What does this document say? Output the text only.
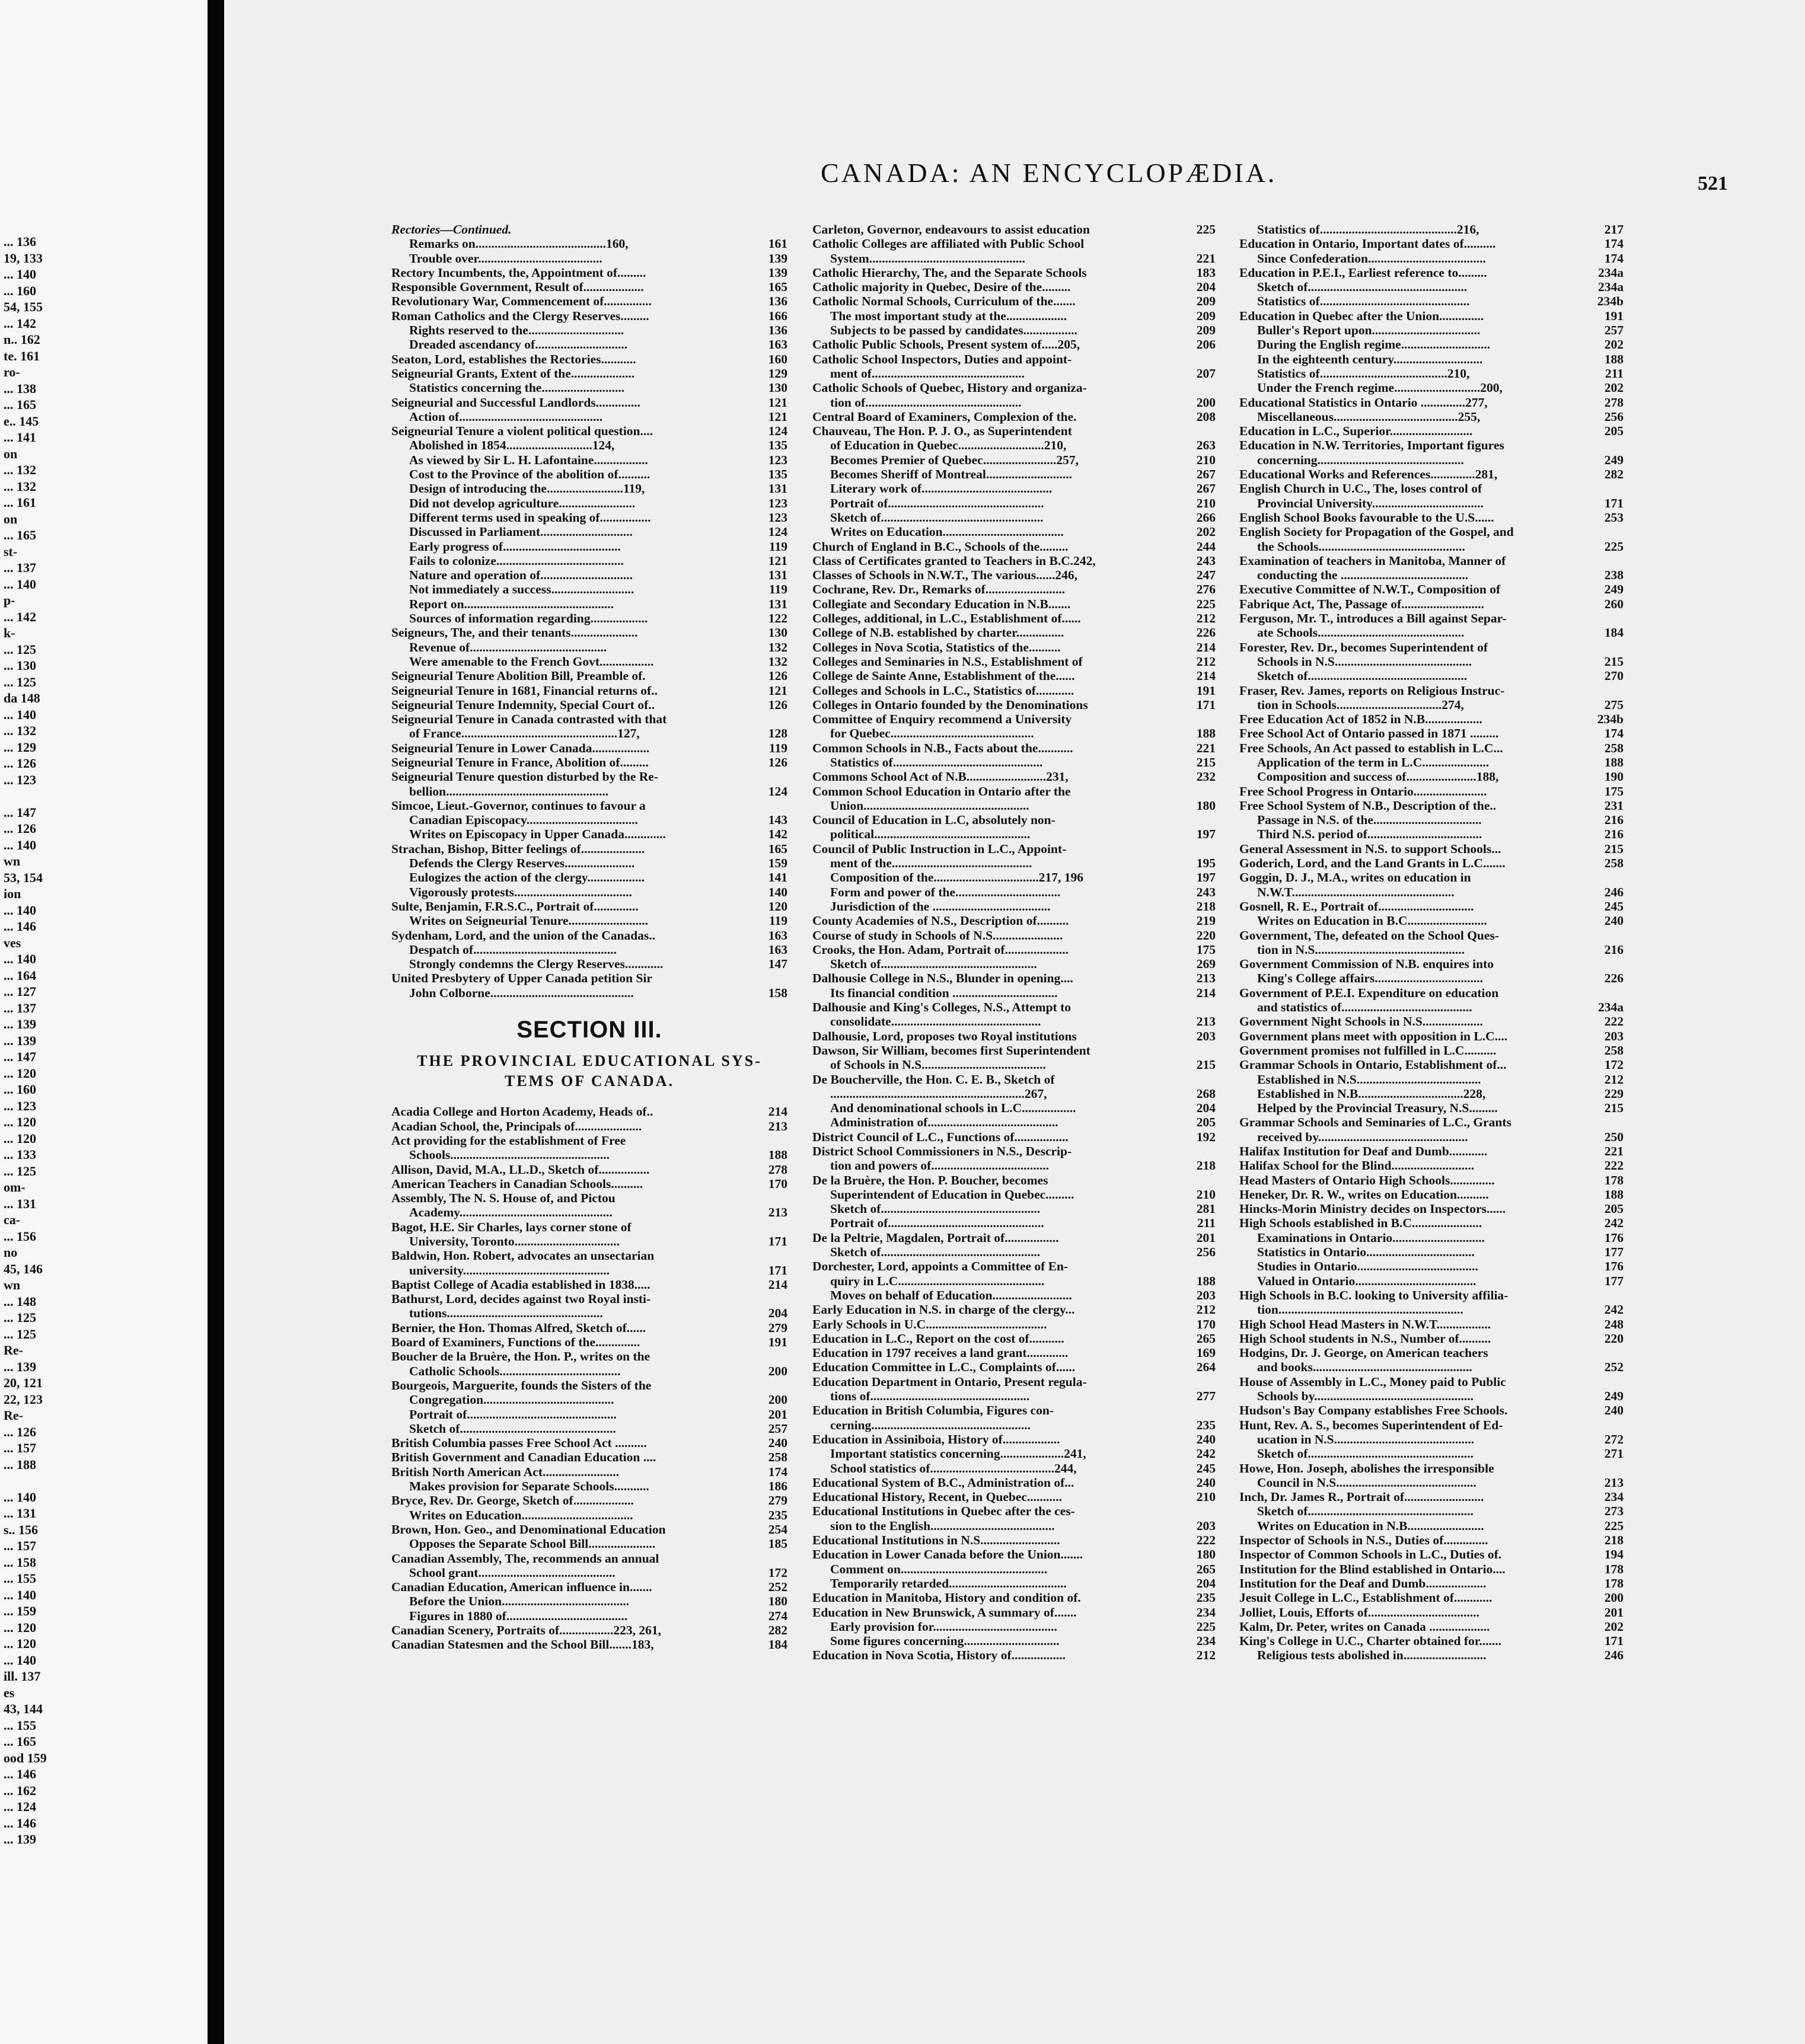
... 136
19, 133
... 140
... 160
54, 155
... 142
n.. 162
te. 161
ro-
... 138
... 165
e.. 145
... 141
on
... 132
... 132
... 161
on
... 165
st-
... 137
... 140
p-
... 142
k-
... 125
... 130
... 125
da 148
... 140
... 132
... 129
... 126
... 123

... 147
... 126
... 140
wn
53, 154
ion
... 140
... 146
ves
... 140
... 164
... 127
... 137
... 139
... 139
... 147
... 120
... 160
... 123
... 120
... 120
... 133
... 125
om-
... 131
ca-
... 156
no
45, 146
wn
... 148
... 125
... 125
Re-
... 139
20, 121
22, 123
Re-
... 126
... 157
... 188

... 140
... 131
s.. 156
... 157
... 158
... 155
... 140
... 159
... 120
... 120
... 140
ill. 137
es
43, 144
... 155
... 165
ood 159
... 146
... 162
... 124
... 146
... 139
CANADA: AN ENCYCLOPÆDIA.	521
Rectories—Continued.
Remarks on.........................................160,	161
Trouble over.......................................	139
Rectory Incumbents, the, Appointment of.........	139
Responsible Government, Result of...................	165
Revolutionary War, Commencement of...............	136
Roman Catholics and the Clergy Reserves.........	166
Rights reserved to the..............................	136
Dreaded ascendancy of.............................	163
Seaton, Lord, establishes the Rectories...........	160
Seigneurial Grants, Extent of the....................	129
Statistics concerning the..........................	130
Seigneurial and Successful Landlords..............	121
Action of.............................................	121
Seigneurial Tenure a violent political question....	124
Abolished in 1854...........................124,	135
As viewed by Sir L. H. Lafontaine.................	123
Cost to the Province of the abolition of..........	135
Design of introducing the........................119,	131
Did not develop agriculture........................	123
Different terms used in speaking of................	123
Discussed in Parliament.............................	124
Early progress of.....................................	119
Fails to colonize........................................	121
Nature and operation of.............................	131
Not immediately a success..........................	119
Report on...............................................	131
Sources of information regarding..................	122
Seigneurs, The, and their tenants.....................	130
Revenue of...........................................	132
Were amenable to the French Govt.................	132
Seigneurial Tenure Abolition Bill, Preamble of.	126
Seigneurial Tenure in 1681, Financial returns of..	121
Seigneurial Tenure Indemnity, Special Court of..	126
Seigneurial Tenure in Canada contrasted with that
of France.................................................127,	128
Seigneurial Tenure in Lower Canada..................	119
Seigneurial Tenure in France, Abolition of.........	126
Seigneurial Tenure question disturbed by the Re-
bellion...................................................	124
Simcoe, Lieut.-Governor, continues to favour a
Canadian Episcopacy...................................	143
Writes on Episcopacy in Upper Canada.............	142
Strachan, Bishop, Bitter feelings of....................	165
Defends the Clergy Reserves......................	159
Eulogizes the action of the clergy..................	141
Vigorously protests.....................................	140
Sulte, Benjamin, F.R.S.C., Portrait of..............	120
Writes on Seigneurial Tenure.........................	119
Sydenham, Lord, and the union of the Canadas..	163
Despatch of.............................................	163
Strongly condemns the Clergy Reserves............	147
United Presbytery of Upper Canada petition Sir
John Colborne.............................................	158
SECTION III.
THE PROVINCIAL EDUCATIONAL SYS-
TEMS OF CANADA.
Acadia College and Horton Academy, Heads of..	214
Acadian School, the, Principals of.....................	213
Act providing for the establishment of Free
Schools..................................................	188
Allison, David, M.A., LL.D., Sketch of................	278
American Teachers in Canadian Schools..........	170
Assembly, The N. S. House of, and Pictou
Academy................................................	213
Bagot, H.E. Sir Charles, lays corner stone of
University, Toronto.................................	171
Baldwin, Hon. Robert, advocates an unsectarian
university..............................................	171
Baptist College of Acadia established in 1838.....	214
Bathurst, Lord, decides against two Royal insti-
tutions.................................................	204
Bernier, the Hon. Thomas Alfred, Sketch of......	279
Board of Examiners, Functions of the..............	191
Boucher de la Bruère, the Hon. P., writes on the
Catholic Schools......................................	200
Bourgeois, Marguerite, founds the Sisters of the
Congregation.........................................	200
Portrait of...............................................	201
Sketch of.................................................	257
British Columbia passes Free School Act ..........	240
British Government and Canadian Education ....	258
British North American Act........................	174
Makes provision for Separate Schools...........	186
Bryce, Rev. Dr. George, Sketch of...................	279
Writes on Education...................................	235
Brown, Hon. Geo., and Denominational Education	254
Opposes the Separate School Bill.....................	185
Canadian Assembly, The, recommends an annual
School grant...........................................	172
Canadian Education, American influence in.......	252
Before the Union........................................	180
Figures in 1880 of......................................	274
Canadian Scenery, Portraits of.................223, 261,	282
Canadian Statesmen and the School Bill.......183,	184
Carleton, Governor, endeavours to assist education	225
Catholic Colleges are affiliated with Public School
System.................................................	221
Catholic Hierarchy, The, and the Separate Schools	183
Catholic majority in Quebec, Desire of the.........	204
Catholic Normal Schools, Curriculum of the.......	209
The most important study at the...................	209
Subjects to be passed by candidates.................	209
Catholic Public Schools, Present system of.....205,	206
Catholic School Inspectors, Duties and appoint-
ment of................................................	207
Catholic Schools of Quebec, History and organiza-
tion of.................................................	200
Central Board of Examiners, Complexion of the.	208
Chauveau, The Hon. P. J. O., as Superintendent
of Education in Quebec...........................210,	263
Becomes Premier of Quebec.......................257,	210
Becomes Sheriff of Montreal...........................	267
Literary work of.........................................	267
Portrait of.................................................	210
Sketch of...................................................	266
Writes on Education......................................	202
Church of England in B.C., Schools of the.........	244
Class of Certificates granted to Teachers in B.C.242,	243
Classes of Schools in N.W.T., The various......246,	247
Cochrane, Rev. Dr., Remarks of.........................	276
Collegiate and Secondary Education in N.B.......	225
Colleges, additional, in L.C., Establishment of......	212
College of N.B. established by charter...............	226
Colleges in Nova Scotia, Statistics of the..........	214
Colleges and Seminaries in N.S., Establishment of	212
College de Sainte Anne, Establishment of the......	214
Colleges and Schools in L.C., Statistics of............	191
Colleges in Ontario founded by the Denominations	171
Committee of Enquiry recommend a University
for Quebec.............................................	188
Common Schools in N.B., Facts about the...........	221
Statistics of...............................................	215
Commons School Act of N.B.........................231,	232
Common School Education in Ontario after the
Union....................................................	180
Council of Education in L.C, absolutely non-
political.................................................	197
Council of Public Instruction in L.C., Appoint-
ment of the............................................	195
Composition of the.................................217, 196	197
Form and power of the.................................	243
Jurisdiction of the .....................................	218
County Academies of N.S., Description of..........	219
Course of study in Schools of N.S......................	220
Crooks, the Hon. Adam, Portrait of....................	175
Sketch of.................................................	269
Dalhousie College in N.S., Blunder in opening....	213
Its financial condition .................................	214
Dalhousie and King's Colleges, N.S., Attempt to
consolidate...............................................	213
Dalhousie, Lord, proposes two Royal institutions	203
Dawson, Sir William, becomes first Superintendent
of Schools in N.S.......................................	215
De Boucherville, the Hon. C. E. B., Sketch of
.............................................................267,	268
And denominational schools in L.C.................	204
Administration of.........................................	205
District Council of L.C., Functions of.................	192
District School Commissioners in N.S., Descrip-
tion and powers of.....................................	218
De la Bruère, the Hon. P. Boucher, becomes
Superintendent of Education in Quebec.........	210
Sketch of..................................................	281
Portrait of.................................................	211
De la Peltrie, Magdalen, Portrait of.................	201
Sketch of..................................................	256
Dorchester, Lord, appoints a Committee of En-
quiry in L.C..............................................	188
Moves on behalf of Education.........................	203
Early Education in N.S. in charge of the clergy...	212
Early Schools in U.C......................................	170
Education in L.C., Report on the cost of...........	265
Education in 1797 receives a land grant.............	169
Education Committee in L.C., Complaints of......	264
Education Department in Ontario, Present regula-
tions of..................................................	277
Education in British Columbia, Figures con-
cerning..................................................	235
Education in Assiniboia, History of..................	240
Important statistics concerning....................241,	242
School statistics of.......................................244,	245
Educational System of B.C., Administration of...	240
Educational History, Recent, in Quebec...........	210
Educational Institutions in Quebec after the ces-
sion to the English.......................................	203
Educational Institutions in N.S.........................	222
Education in Lower Canada before the Union.......	180
Comment on..............................................	265
Temporarily retarded.....................................	204
Education in Manitoba, History and condition of.	235
Education in New Brunswick, A summary of.......	234
Early provision for.......................................	225
Some figures concerning..............................	234
Education in Nova Scotia, History of.................	212
Statistics of...........................................216,	217
Education in Ontario, Important dates of..........	174
Since Confederation.....................................	174
Education in P.E.I., Earliest reference to.........	234a
Sketch of..................................................	234a
Statistics of...............................................	234b
Education in Quebec after the Union..............	191
Buller's Report upon..................................	257
During the English regime............................	202
In the eighteenth century............................	188
Statistics of........................................210,	211
Under the French regime...........................200,	202
Educational Statistics in Ontario ..............277,	278
Miscellaneous.......................................255,	256
Education in L.C., Superior..........................	205
Education in N.W. Territories, Important figures
concerning..............................................	249
Educational Works and References..............281,	282
English Church in U.C., The, loses control of
Provincial University...................................	171
English School Books favourable to the U.S......	253
English Society for Propagation of the Gospel, and
the Schools..............................................	225
Examination of teachers in Manitoba, Manner of
conducting the ........................................	238
Executive Committee of N.W.T., Composition of	249
Fabrique Act, The, Passage of..........................	260
Ferguson, Mr. T., introduces a Bill against Separ-
ate Schools..............................................	184
Forester, Rev. Dr., becomes Superintendent of
Schools in N.S...........................................	215
Sketch of..................................................	270
Fraser, Rev. James, reports on Religious Instruc-
tion in Schools.................................274,	275
Free Education Act of 1852 in N.B..................	234b
Free School Act of Ontario passed in 1871 .........	174
Free Schools, An Act passed to establish in L.C...	258
Application of the term in L.C.....................	188
Composition and success of......................188,	190
Free School Progress in Ontario.......................	175
Free School System of N.B., Description of the..	231
Passage in N.S. of the..................................	216
Third N.S. period of....................................	216
General Assessment in N.S. to support Schools...	215
Goderich, Lord, and the Land Grants in L.C.......	258
Goggin, D. J., M.A., writes on education in
N.W.T...................................................	246
Gosnell, R. E., Portrait of..............................	245
Writes on Education in B.C.........................	240
Government, The, defeated on the School Ques-
tion in N.S...............................................	216
Government Commission of N.B. enquires into
King's College affairs..................................	226
Government of P.E.I. Expenditure on education
and statistics of.........................................	234a
Government Night Schools in N.S...................	222
Government plans meet with opposition in L.C....	203
Government promises not fulfilled in L.C..........	258
Grammar Schools in Ontario, Establishment of...	172
Established in N.S.......................................	212
Established in N.B.................................228,	229
Helped by the Provincial Treasury, N.S.........	215
Grammar Schools and Seminaries of L.C., Grants
received by...............................................	250
Halifax Institution for Deaf and Dumb............	221
Halifax School for the Blind..........................	222
Head Masters of Ontario High Schools..............	178
Heneker, Dr. R. W., writes on Education..........	188
Hincks-Morin Ministry decides on Inspectors......	205
High Schools established in B.C......................	242
Examinations in Ontario.............................	176
Statistics in Ontario..................................	177
Studies in Ontario......................................	176
Valued in Ontario......................................	177
High Schools in B.C. looking to University affilia-
tion..........................................................	242
High School Head Masters in N.W.T.................	248
High School students in N.S., Number of..........	220
Hodgins, Dr. J. George, on American teachers
and books..................................................	252
House of Assembly in L.C., Money paid to Public
Schools by..................................................	249
Hudson's Bay Company establishes Free Schools.	240
Hunt, Rev. A. S., becomes Superintendent of Ed-
ucation in N.S............................................	272
Sketch of....................................................	271
Howe, Hon. Joseph, abolishes the irresponsible
Council in N.S............................................	213
Inch, Dr. James R., Portrait of.........................	234
Sketch of....................................................	273
Writes on Education in N.B........................	225
Inspector of Schools in N.S., Duties of..............	218
Inspector of Common Schools in L.C., Duties of.	194
Institution for the Blind established in Ontario....	178
Institution for the Deaf and Dumb...................	178
Jesuit College in L.C., Establishment of............	200
Jolliet, Louis, Efforts of...................................	201
Kalm, Dr. Peter, writes on Canada ...................	202
King's College in U.C., Charter obtained for.......	171
Religious tests abolished in..........................	246
